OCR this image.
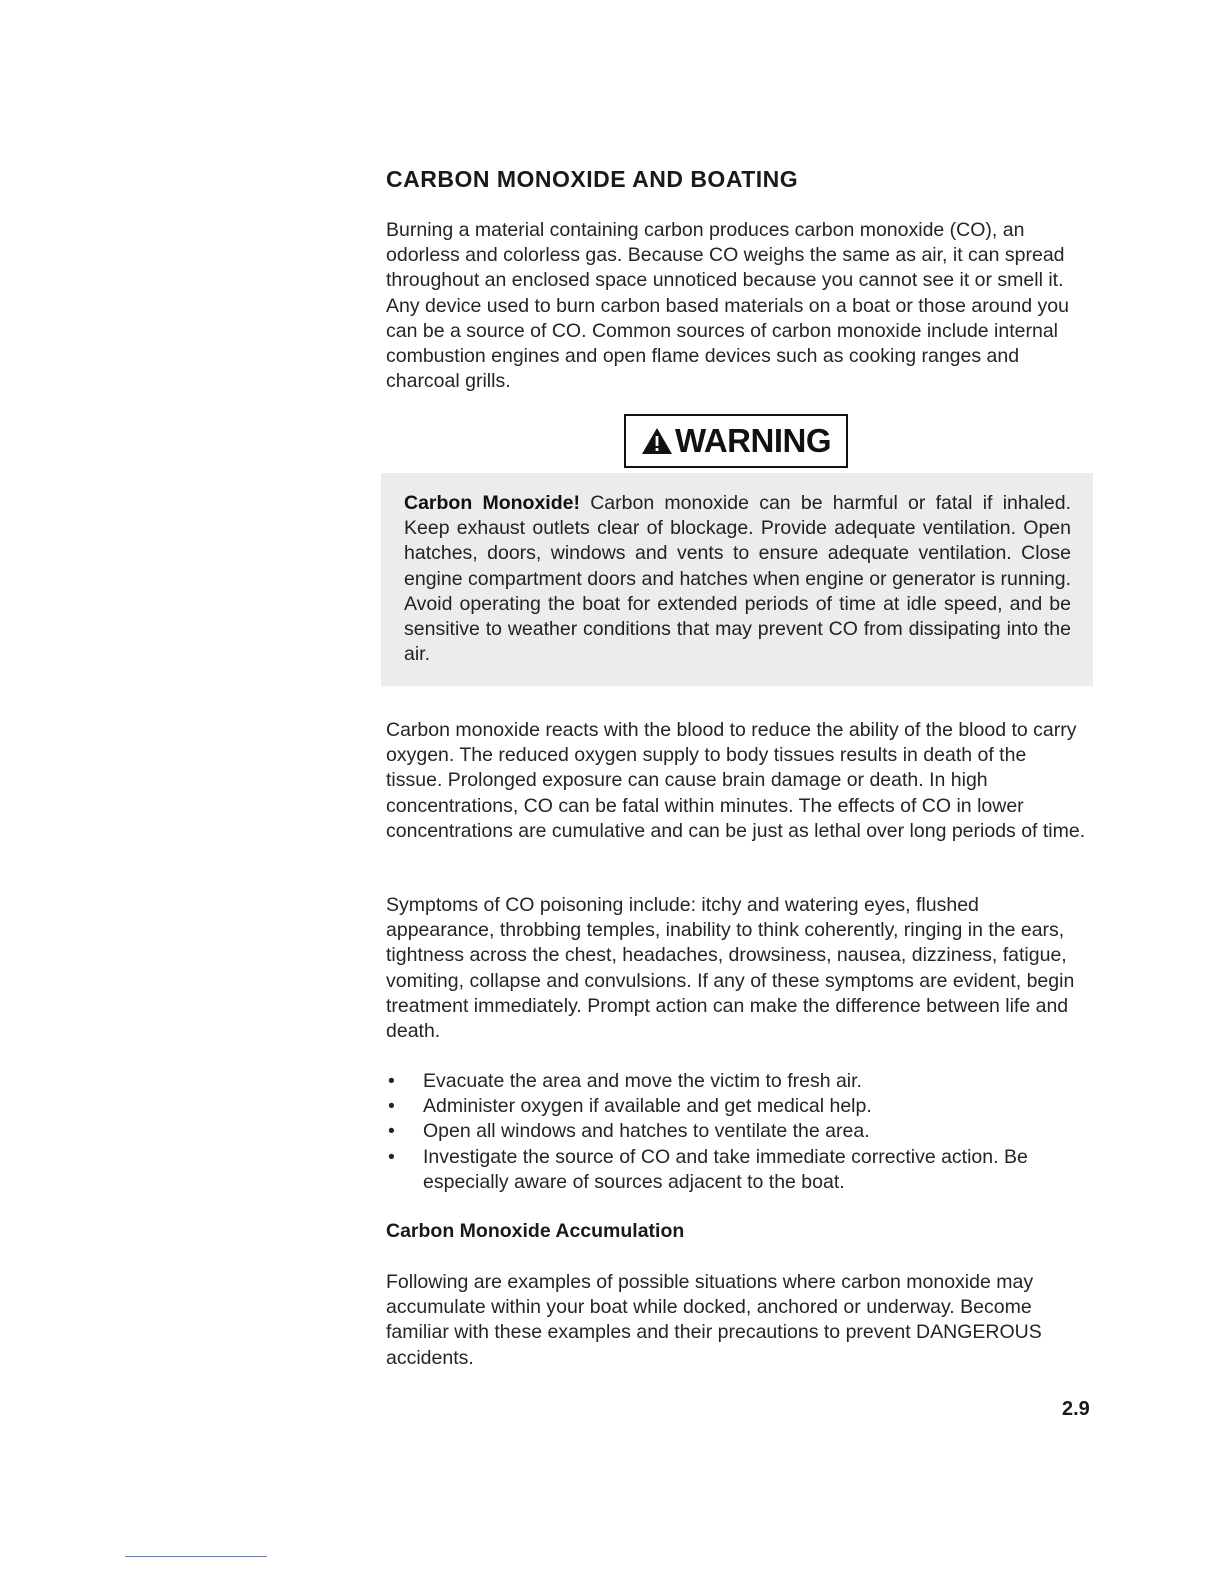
CARBON MONOXIDE AND BOATING

Burning a material containing carbon produces carbon monoxide (CO), an odorless and colorless gas. Because CO weighs the same as air, it can spread throughout an enclosed space unnoticed because you cannot see it or smell it. Any device used to burn carbon based materials on a boat or those around you can be a source of CO. Common sources of carbon monoxide include internal combustion engines and open flame devices such as cooking ranges and charcoal grills.

WARNING

Carbon Monoxide! Carbon monoxide can be harmful or fatal if inhaled. Keep exhaust outlets clear of blockage. Provide adequate ventilation. Open hatches, doors, windows and vents to ensure adequate ventilation. Close engine compartment doors and hatches when engine or generator is running. Avoid operating the boat for extended periods of time at idle speed, and be sensitive to weather conditions that may prevent CO from dissipating into the air.

Carbon monoxide reacts with the blood to reduce the ability of the blood to carry oxygen. The reduced oxygen supply to body tissues results in death of the tissue. Prolonged exposure can cause brain damage or death. In high concentrations, CO can be fatal within minutes. The effects of CO in lower concentrations are cumulative and can be just as lethal over long periods of time.

Symptoms of CO poisoning include: itchy and watering eyes, flushed appearance, throbbing temples, inability to think coherently, ringing in the ears, tightness across the chest, headaches, drowsiness, nausea, dizziness, fatigue, vomiting, collapse and convulsions. If any of these symptoms are evident, begin treatment immediately. Prompt action can make the difference between life and death.

• Evacuate the area and move the victim to fresh air.
• Administer oxygen if available and get medical help.
• Open all windows and hatches to ventilate the area.
• Investigate the source of CO and take immediate corrective action. Be especially aware of sources adjacent to the boat.
Carbon Monoxide Accumulation

Following are examples of possible situations where carbon monoxide may accumulate within your boat while docked, anchored or underway. Become familiar with these examples and their precautions to prevent DANGEROUS accidents.

2.9
